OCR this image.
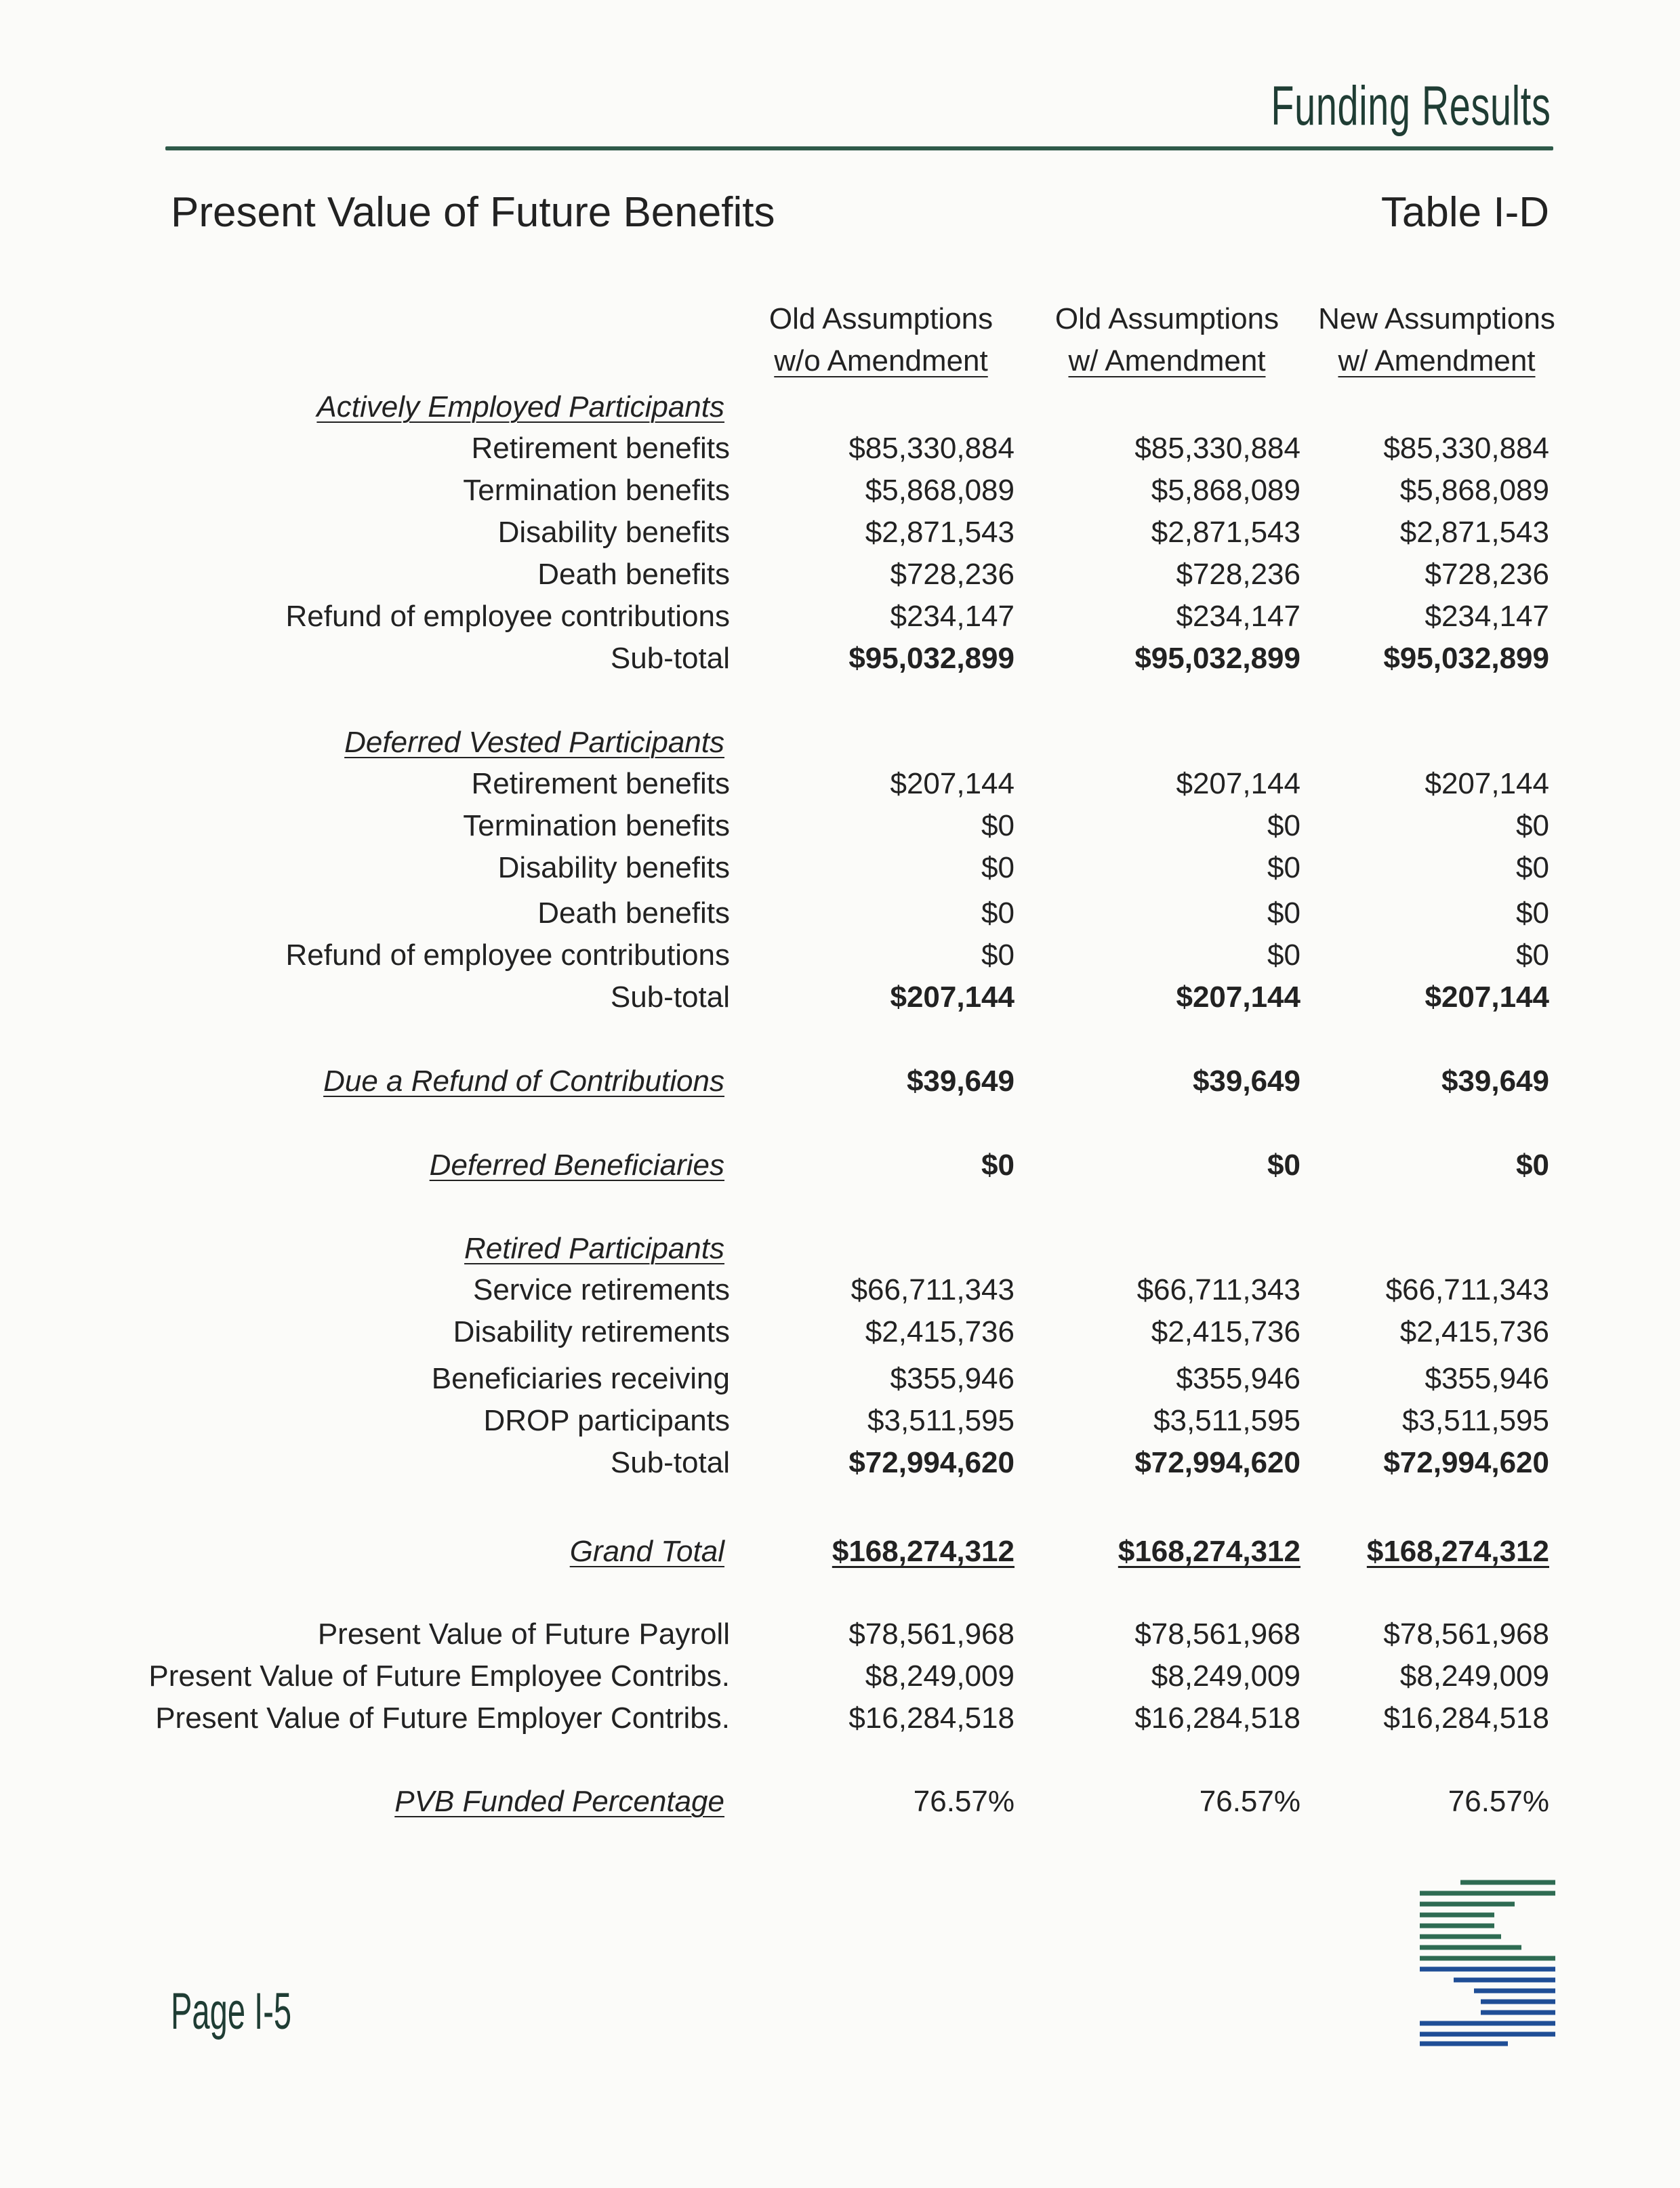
Funding Results
Present Value of Future Benefits	Table I-D
Old Assumptions
w/o Amendment
Old Assumptions
w/ Amendment
New Assumptions
w/ Amendment
Actively Employed Participants
Retirement benefits	$85,330,884	$85,330,884	$85,330,884
Termination benefits	$5,868,089	$5,868,089	$5,868,089
Disability benefits	$2,871,543	$2,871,543	$2,871,543
Death benefits	$728,236	$728,236	$728,236
Refund of employee contributions	$234,147	$234,147	$234,147
Sub-total	$95,032,899	$95,032,899	$95,032,899
Deferred Vested Participants
Retirement benefits	$207,144	$207,144	$207,144
Termination benefits	$0	$0	$0
Disability benefits	$0	$0	$0
Death benefits	$0	$0	$0
Refund of employee contributions	$0	$0	$0
Sub-total	$207,144	$207,144	$207,144
Due a Refund of Contributions	$39,649	$39,649	$39,649
Deferred Beneficiaries	$0	$0	$0
Retired Participants
Service retirements	$66,711,343	$66,711,343	$66,711,343
Disability retirements	$2,415,736	$2,415,736	$2,415,736
Beneficiaries receiving	$355,946	$355,946	$355,946
DROP participants	$3,511,595	$3,511,595	$3,511,595
Sub-total	$72,994,620	$72,994,620	$72,994,620
Grand Total	$168,274,312	$168,274,312 $168,274,312
Present Value of Future Payroll	$78,561,968	$78,561,968	$78,561,968
Present Value of Future Employee Contribs.	$8,249,009	$8,249,009	$8,249,009
Present Value of Future Employer Contribs.	$16,284,518	$16,284,518	$16,284,518
PVB Funded Percentage	76.57%	76.57%	76.57%
Page I-5
